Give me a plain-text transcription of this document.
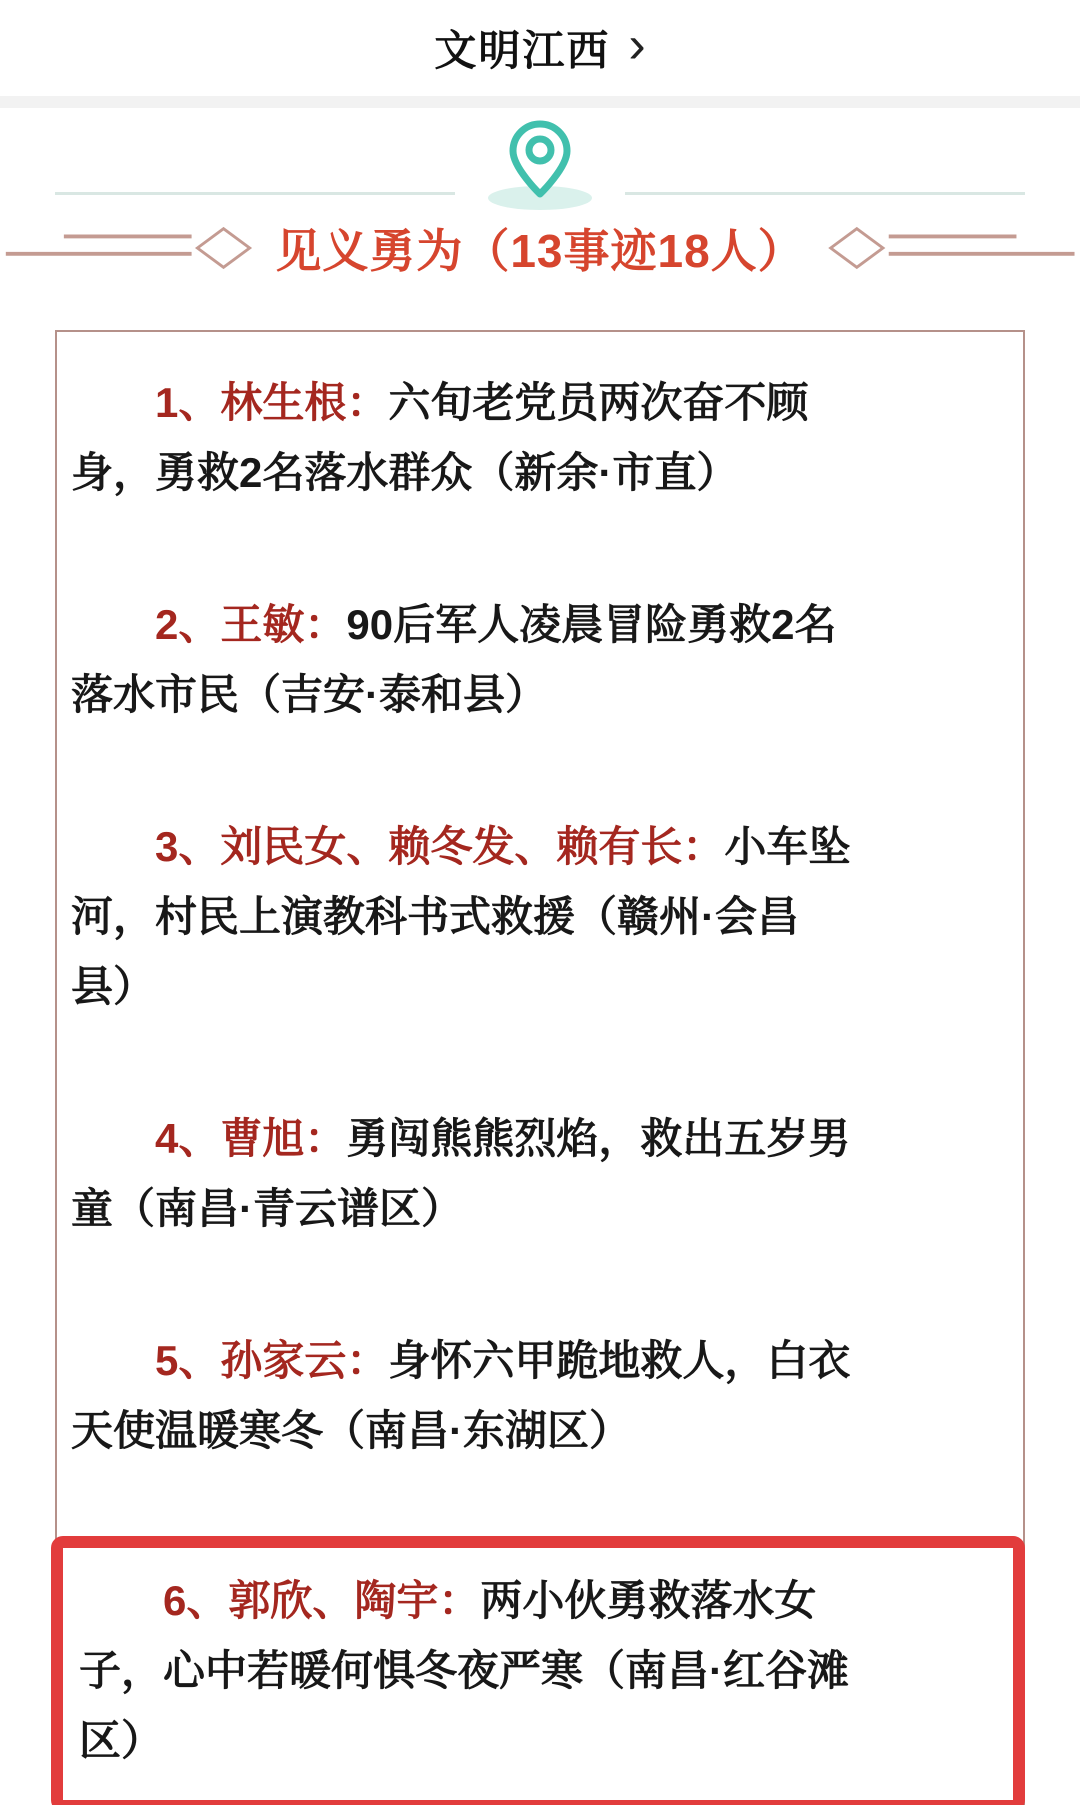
文明江西 ›
见义勇为（13事迹18人）
1、林生根：六旬老党员两次奋不顾
身，勇救2名落水群众（新余·市直）
2、王敏：90后军人凌晨冒险勇救2名
落水市民（吉安·泰和县）
3、刘民女、赖冬发、赖有长：小车坠
河，村民上演教科书式救援（赣州·会昌
县）
4、曹旭：勇闯熊熊烈焰，救出五岁男
童（南昌·青云谱区）
5、孙家云：身怀六甲跪地救人，白衣
天使温暖寒冬（南昌·东湖区）
6、郭欣、陶宇：两小伙勇救落水女
子，心中若暖何惧冬夜严寒（南昌·红谷滩
区）
